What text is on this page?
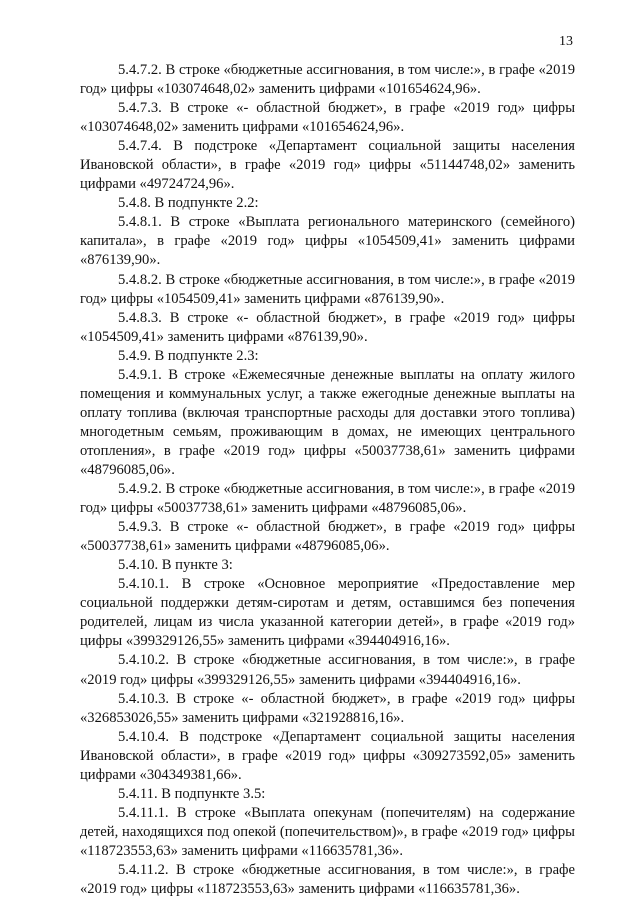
13

5.4.7.2. В строке «бюджетные ассигнования, в том числе:», в графе «2019 год» цифры «103074648,02» заменить цифрами «101654624,96».

5.4.7.3. В строке «- областной бюджет», в графе «2019 год» цифры «103074648,02» заменить цифрами «101654624,96».

5.4.7.4. В подстроке «Департамент социальной защиты населения Ивановской области», в графе «2019 год» цифры «51144748,02» заменить цифрами «49724724,96».

5.4.8. В подпункте 2.2:

5.4.8.1. В строке «Выплата регионального материнского (семейного) капитала», в графе «2019 год» цифры «1054509,41» заменить цифрами «876139,90».

5.4.8.2. В строке «бюджетные ассигнования, в том числе:», в графе «2019 год» цифры «1054509,41» заменить цифрами «876139,90».

5.4.8.3. В строке «- областной бюджет», в графе «2019 год» цифры «1054509,41» заменить цифрами «876139,90».

5.4.9. В подпункте 2.3:

5.4.9.1. В строке «Ежемесячные денежные выплаты на оплату жилого помещения и коммунальных услуг, а также ежегодные денежные выплаты на оплату топлива (включая транспортные расходы для доставки этого топлива) многодетным семьям, проживающим в домах, не имеющих центрального отопления», в графе «2019 год» цифры «50037738,61» заменить цифрами «48796085,06».

5.4.9.2. В строке «бюджетные ассигнования, в том числе:», в графе «2019 год» цифры «50037738,61» заменить цифрами «48796085,06».

5.4.9.3. В строке «- областной бюджет», в графе «2019 год» цифры «50037738,61» заменить цифрами «48796085,06».

5.4.10. В пункте 3:

5.4.10.1. В строке «Основное мероприятие «Предоставление мер социальной поддержки детям-сиротам и детям, оставшимся без попечения родителей, лицам из числа указанной категории детей», в графе «2019 год» цифры «399329126,55» заменить цифрами «394404916,16».

5.4.10.2. В строке «бюджетные ассигнования, в том числе:», в графе «2019 год» цифры «399329126,55» заменить цифрами «394404916,16».

5.4.10.3. В строке «- областной бюджет», в графе «2019 год» цифры «326853026,55» заменить цифрами «321928816,16».

5.4.10.4. В подстроке «Департамент социальной защиты населения Ивановской области», в графе «2019 год» цифры «309273592,05» заменить цифрами «304349381,66».

5.4.11. В подпункте 3.5:

5.4.11.1. В строке «Выплата опекунам (попечителям) на содержание детей, находящихся под опекой (попечительством)», в графе «2019 год» цифры «118723553,63» заменить цифрами «116635781,36».

5.4.11.2. В строке «бюджетные ассигнования, в том числе:», в графе «2019 год» цифры «118723553,63» заменить цифрами «116635781,36».
